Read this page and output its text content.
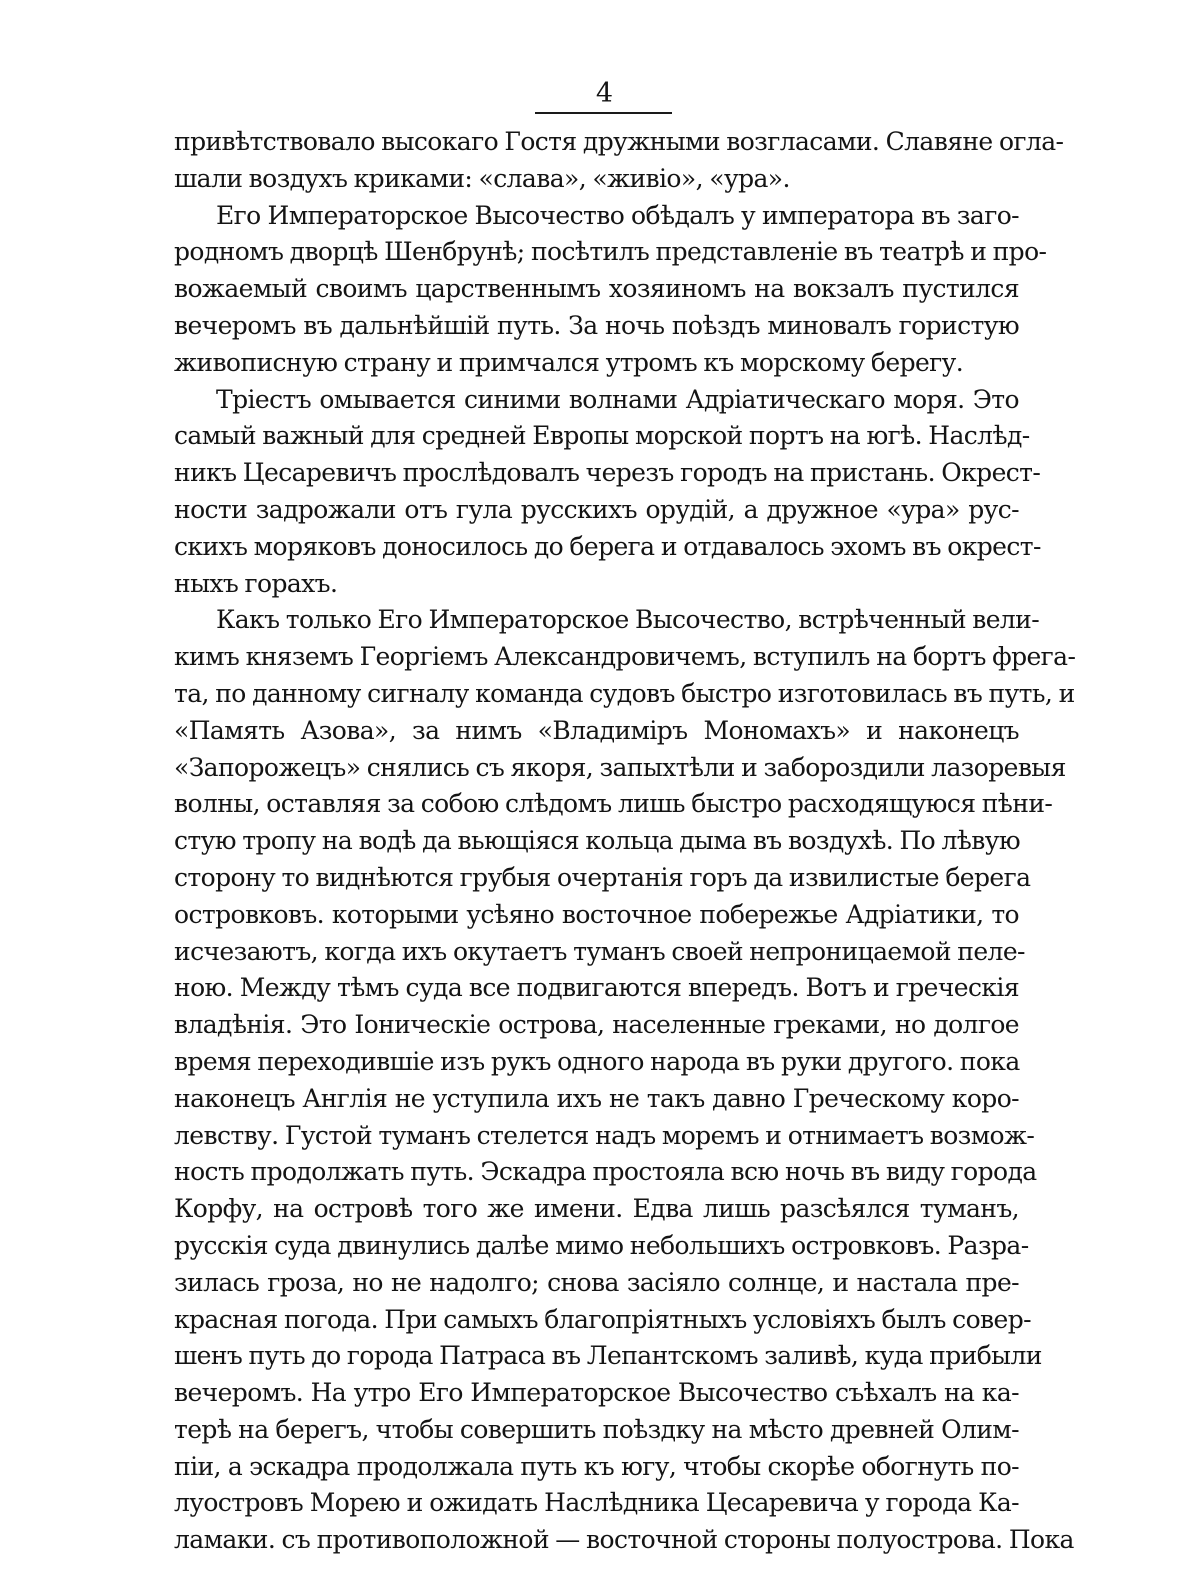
4
привѣтствовало высокаго Гостя дружными возгласами. Славяне огла-
шали воздухъ криками: «слава», «живіо», «ура».
Его Императорское Высочество обѣдалъ у императора въ заго-
родномъ дворцѣ Шенбрунѣ; посѣтилъ представленіе въ театрѣ и про-
вожаемый своимъ царственнымъ хозяиномъ на вокзалъ пустился
вечеромъ въ дальнѣйшій путь. За ночь поѣздъ миновалъ гористую
живописную страну и примчался утромъ къ морскому берегу.
Тріестъ омывается синими волнами Адріатическаго моря. Это
самый важный для средней Европы морской портъ на югѣ. Наслѣд-
никъ Цесаревичъ прослѣдовалъ черезъ городъ на пристань. Окрест-
ности задрожали отъ гула русскихъ орудій, а дружное «ура» рус-
скихъ моряковъ доносилось до берега и отдавалось эхомъ въ окрест-
ныхъ горахъ.
Какъ только Его Императорское Высочество, встрѣченный вели-
кимъ княземъ Георгіемъ Александровичемъ, вступилъ на бортъ фрега-
та, по данному сигналу команда судовъ быстро изготовилась въ путь, и
«Память Азова», за нимъ «Владиміръ Мономахъ» и наконецъ
«Запорожецъ» снялись съ якоря, запыхтѣли и забороздили лазоревыя
волны, оставляя за собою слѣдомъ лишь быстро расходящуюся пѣни-
стую тропу на водѣ да вьющіяся кольца дыма въ воздухѣ. По лѣвую
сторону то виднѣются грубыя очертанія горъ да извилистые берега
островковъ. которыми усѣяно восточное побережье Адріатики, то
исчезаютъ, когда ихъ окутаетъ туманъ своей непроницаемой пеле-
ною. Между тѣмъ суда все подвигаются впередъ. Вотъ и греческія
владѣнія. Это Іоническіе острова, населенные греками, но долгое
время переходившіе изъ рукъ одного народа въ руки другого. пока
наконецъ Англія не уступила ихъ не такъ давно Греческому коро-
левству. Густой туманъ стелется надъ моремъ и отнимаетъ возмож-
ность продолжать путь. Эскадра простояла всю ночь въ виду города
Корфу, на островѣ того же имени. Едва лишь разсѣялся туманъ,
русскія суда двинулись далѣе мимо небольшихъ островковъ. Разра-
зилась гроза, но не надолго; снова засіяло солнце, и настала пре-
красная погода. При самыхъ благопріятныхъ условіяхъ былъ совер-
шенъ путь до города Патраса въ Лепантскомъ заливѣ, куда прибыли
вечеромъ. На утро Его Императорское Высочество съѣхалъ на ка-
терѣ на берегъ, чтобы совершить поѣздку на мѣсто древней Олим-
піи, а эскадра продолжала путь къ югу, чтобы скорѣе обогнуть по-
луостровъ Морею и ожидать Наслѣдника Цесаревича у города Ка-
ламаки. съ противоположной — восточной стороны полуострова. Пока
